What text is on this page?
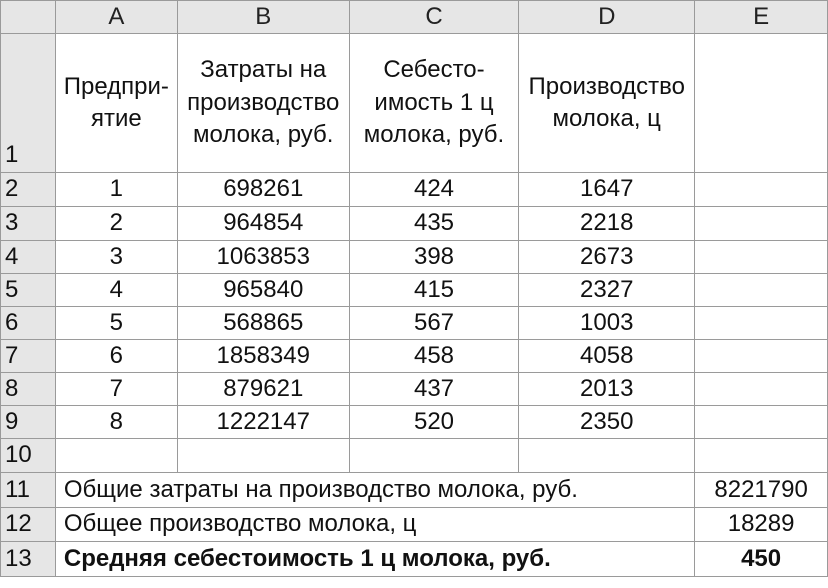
	A	B	C	D	E
1	Предпри-ятие	Затраты на производство молока, руб.	Себесто-имость 1 ц молока, руб.	Производство молока, ц	
2	1	698261	424	1647	
3	2	964854	435	2218	
4	3	1063853	398	2673	
5	4	965840	415	2327	
6	5	568865	567	1003	
7	6	1858349	458	4058	
8	7	879621	437	2013	
9	8	1222147	520	2350	
10					
11	Общие затраты на производство молока, руб.				8221790
12	Общее производство молока, ц				18289
13	Средняя себестоимость 1 ц молока, руб.				450
